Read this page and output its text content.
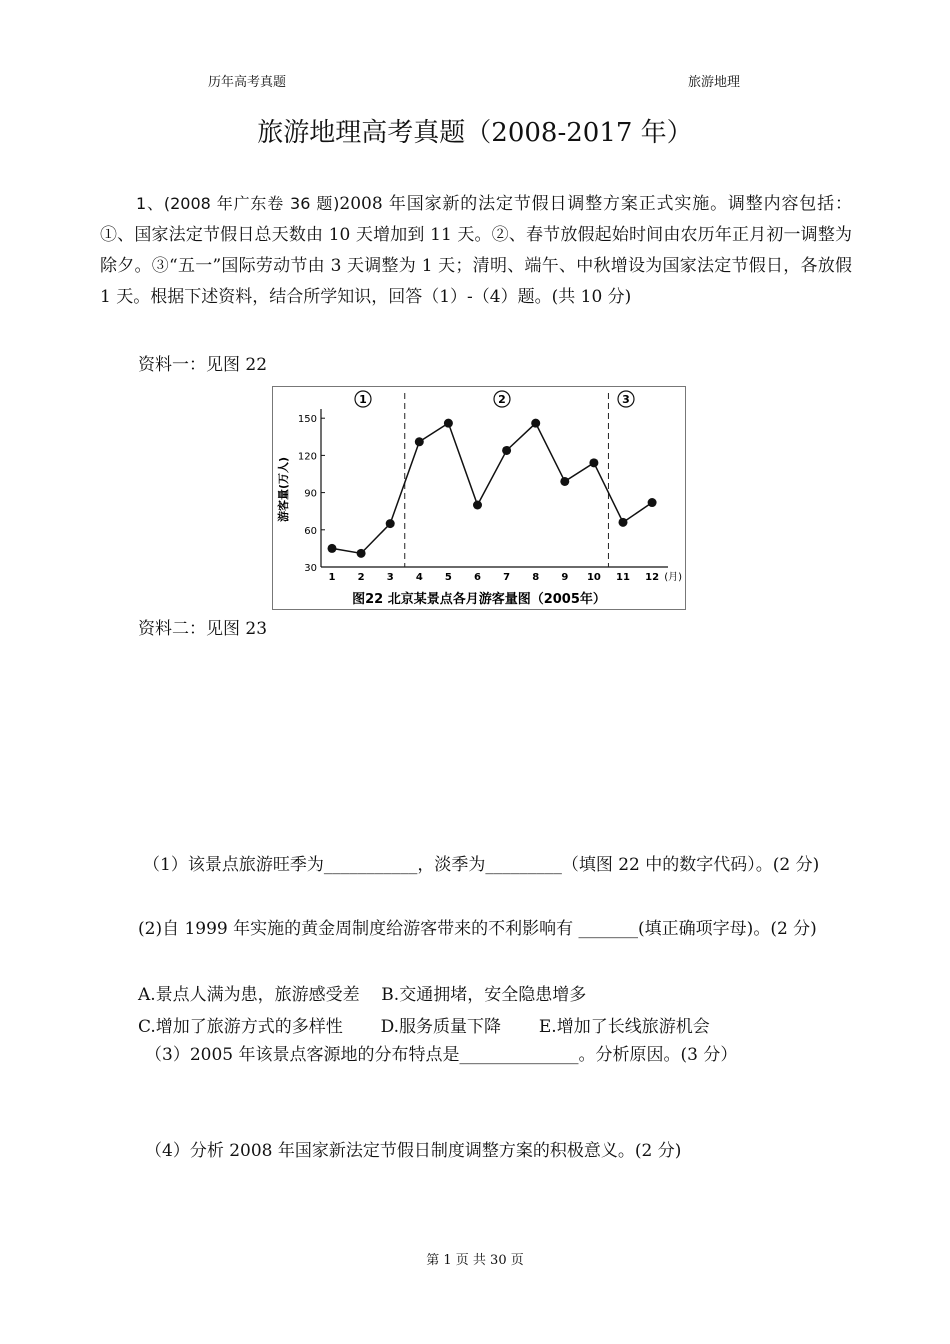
历年高考真题	旅游地理
旅游地理高考真题（2008-2017 年）
1、(2008 年广东卷 36 题)2008 年国家新的法定节假日调整方案正式实施。调整内容包括：①、国家法定节假日总天数由 10 天增加到 11 天。②、春节放假起始时间由农历年正月初一调整为除夕。③“五一”国际劳动节由 3 天调整为 1 天；清明、端午、中秋增设为国家法定节假日，各放假 1 天。根据下述资料，结合所学知识，回答（1）-（4）题。(共 10 分)
资料一：见图 22
30
60
90
120
150
1 2 3 4 5 6 7 8 9 10 11 12 (月)
游客量(万人)
1	2	3
图22 北京某景点各月游客量图（2005年）
资料二：见图 23
（1）该景点旅游旺季为___________，淡季为_________（填图 22 中的数字代码）。(2 分)
(2)自 1999 年实施的黄金周制度给游客带来的不利影响有 _______(填正确项字母)。(2 分)
A.景点人满为患，旅游感受差    B.交通拥堵，安全隐患增多
C.增加了旅游方式的多样性       D.服务质量下降       E.增加了长线旅游机会
（3）2005 年该景点客源地的分布特点是______________。分析原因。(3 分）
（4）分析 2008 年国家新法定节假日制度调整方案的积极意义。(2 分)
第 1 页 共 30 页
